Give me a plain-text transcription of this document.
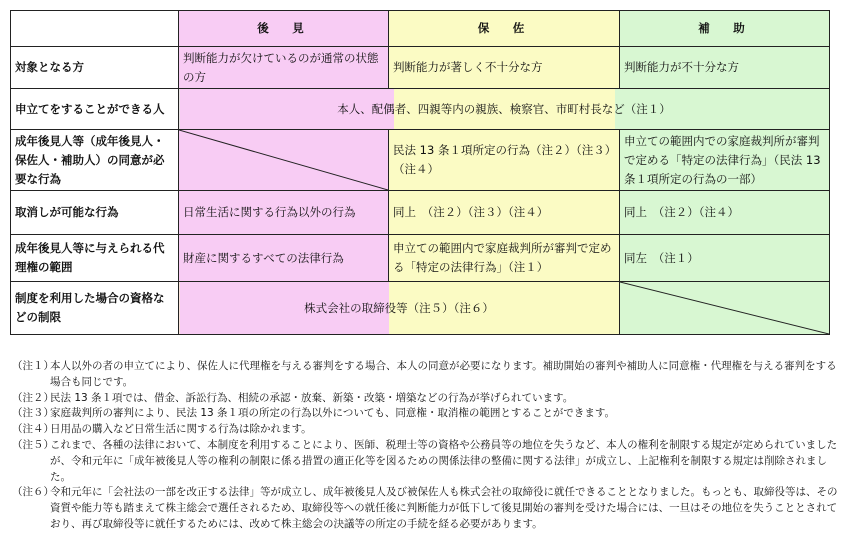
	後　見	保　佐	補　助
対象となる方	判断能力が欠けているのが通常の状態の方	判断能力が著しく不十分な方	判断能力が不十分な方
申立てをすることができる人	本人、配偶者、四親等内の親族、検察官、市町村長など（注１）		
成年後見人等（成年後見人・保佐人・補助人）の同意が必要な行為		民法 13 条１項所定の行為（注２）（注３）（注４）	申立ての範囲内での家庭裁判所が審判で定める「特定の法律行為」（民法 13 条１項所定の行為の一部）
取消しが可能な行為	日常生活に関する行為以外の行為	同上　（注２）（注３）（注４）	同上　（注２）（注４）
成年後見人等に与えられる代理権の範囲	財産に関するすべての法律行為	申立ての範囲内で家庭裁判所が審判で定める「特定の法律行為」（注１）	同左　（注１）
制度を利用した場合の資格などの制限	株式会社の取締役等（注５）（注６）	

（注１）
本人以外の者の申立てにより、保佐人に代理権を与える審判をする場合、本人の同意が必要になります。補助開始の審判や補助人に同意権・代理権を与える審判をする場合も同じです。

（注２）
民法 13 条１項では、借金、訴訟行為、相続の承認・放棄、新築・改築・増築などの行為が挙げられています。

（注３）
家庭裁判所の審判により、民法 13 条１項の所定の行為以外についても、同意権・取消権の範囲とすることができます。

（注４）
日用品の購入など日常生活に関する行為は除かれます。

（注５）
これまで、各種の法律において、本制度を利用することにより、医師、税理士等の資格や公務員等の地位を失うなど、本人の権利を制限する規定が定められていましたが、令和元年に「成年被後見人等の権利の制限に係る措置の適正化等を図るための関係法律の整備に関する法律」が成立し、上記権利を制限する規定は削除されました。

（注６）
令和元年に「会社法の一部を改正する法律」等が成立し、成年被後見人及び被保佐人も株式会社の取締役に就任できることとなりました。もっとも、取締役等は、その資質や能力等も踏まえて株主総会で選任されるため、取締役等への就任後に判断能力が低下して後見開始の審判を受けた場合には、一旦はその地位を失うこととされており、再び取締役等に就任するためには、改めて株主総会の決議等の所定の手続を経る必要があります。
